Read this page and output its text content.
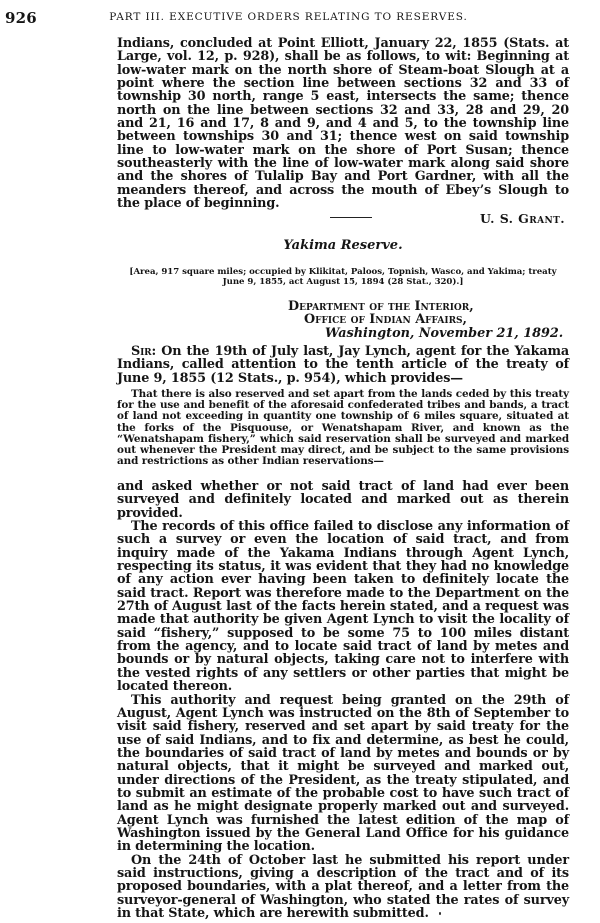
926	PART III. EXECUTIVE ORDERS RELATING TO RESERVES.

Indians, concluded at Point Elliott, January 22, 1855 (Stats. at Large, vol. 12, p. 928), shall be as follows, to wit: Beginning at low-water mark on the north shore of Steam-boat Slough at a point where the section line between sections 32 and 33 of township 30 north, range 5 east, intersects the same; thence north on the line between sections 32 and 33, 28 and 29, 20 and 21, 16 and 17, 8 and 9, and 4 and 5, to the township line between townships 30 and 31; thence west on said township line to low-water mark on the shore of Port Susan; thence southeasterly with the line of low-water mark along said shore and the shores of Tulalip Bay and Port Gardner, with all the meanders thereof, and across the mouth of Ebey’s Slough to the place of beginning.

U. S. Grant.
Yakima Reserve.
[Area, 917 square miles; occupied by Klikitat, Paloos, Topnish, Wasco, and Yakima; treaty June 9, 1855, act August 15, 1894 (28 Stat., 320).]
Department of the Interior,
Office of Indian Affairs,
Washington, November 21, 1892.

Sir: On the 19th of July last, Jay Lynch, agent for the Yakama Indians, called attention to the tenth article of the treaty of June 9, 1855 (12 Stats., p. 954), which provides—

That there is also reserved and set apart from the lands ceded by this treaty for the use and benefit of the aforesaid confederated tribes and bands, a tract of land not exceeding in quantity one township of 6 miles square, situated at the forks of the Pisquouse, or Wenatshapam River, and known as the “Wenatshapam fishery,” which said reservation shall be surveyed and marked out whenever the President may direct, and be subject to the same provisions and restrictions as other Indian reservations—

and asked whether or not said tract of land had ever been surveyed and definitely located and marked out as therein provided.

The records of this office failed to disclose any information of such a survey or even the location of said tract, and from inquiry made of the Yakama Indians through Agent Lynch, respecting its status, it was evident that they had no knowledge of any action ever having been taken to definitely locate the said tract. Report was therefore made to the Department on the 27th of August last of the facts herein stated, and a request was made that authority be given Agent Lynch to visit the locality of said “fishery,” supposed to be some 75 to 100 miles distant from the agency, and to locate said tract of land by metes and bounds or by natural objects, taking care not to interfere with the vested rights of any settlers or other parties that might be located thereon.

This authority and request being granted on the 29th of August, Agent Lynch was instructed on the 8th of September to visit said fishery, reserved and set apart by said treaty for the use of said Indians, and to fix and determine, as best he could, the boundaries of said tract of land by metes and bounds or by natural objects, that it might be surveyed and marked out, under directions of the President, as the treaty stipulated, and to submit an estimate of the probable cost to have such tract of land as he might designate properly marked out and surveyed. Agent Lynch was furnished the latest edition of the map of Washington issued by the General Land Office for his guidance in determining the location.

On the 24th of October last he submitted his report under said instructions, giving a description of the tract and of its proposed boundaries, with a plat thereof, and a letter from the surveyor-general of Washington, who stated the rates of survey in that State, which are herewith submitted.
